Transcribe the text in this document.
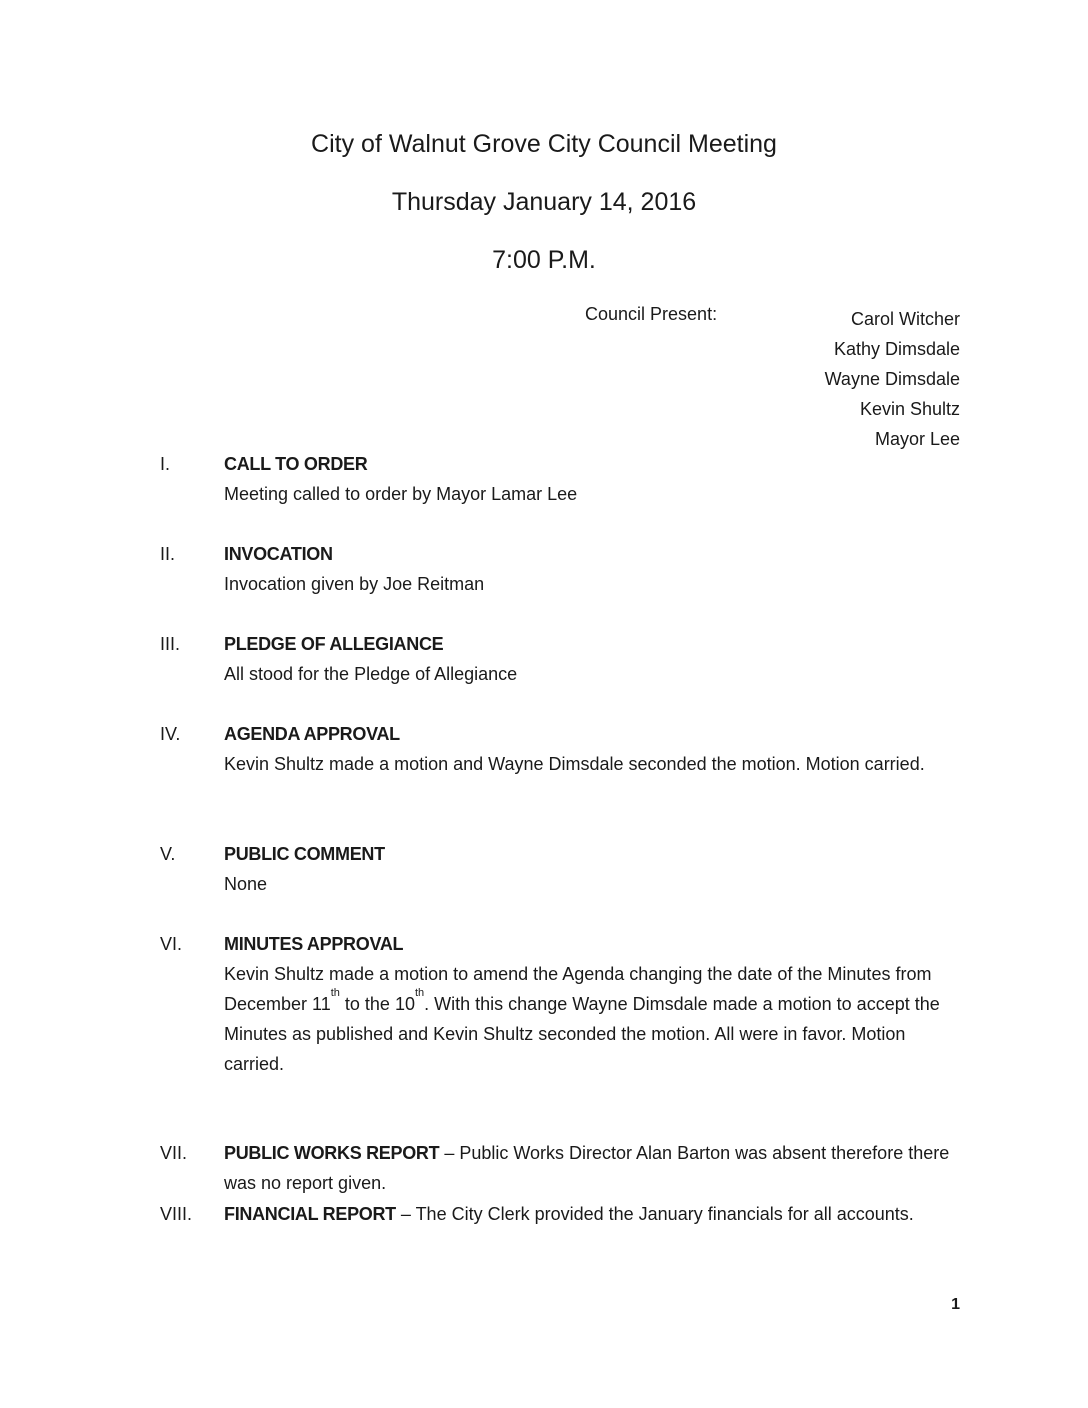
City of Walnut Grove City Council Meeting
Thursday January 14, 2016
7:00 P.M.
Council Present:	Carol Witcher
Kathy Dimsdale
Wayne Dimsdale
Kevin Shultz
Mayor Lee
I.	CALL TO ORDER
Meeting called to order by Mayor Lamar Lee
II.	INVOCATION
Invocation given by Joe Reitman
III.	PLEDGE OF ALLEGIANCE
All stood for the Pledge of Allegiance
IV.	AGENDA APPROVAL
Kevin Shultz made a motion and Wayne Dimsdale seconded the motion. Motion carried.
V.	PUBLIC COMMENT
None
VI.	MINUTES APPROVAL
Kevin Shultz made a motion to amend the Agenda changing the date of the Minutes from December 11th to the 10th. With this change Wayne Dimsdale made a motion to accept the Minutes as published and Kevin Shultz seconded the motion. All were in favor. Motion carried.
VII.	PUBLIC WORKS REPORT – Public Works Director Alan Barton was absent therefore there was no report given.
VIII.	FINANCIAL REPORT – The City Clerk provided the January financials for all accounts.
1
